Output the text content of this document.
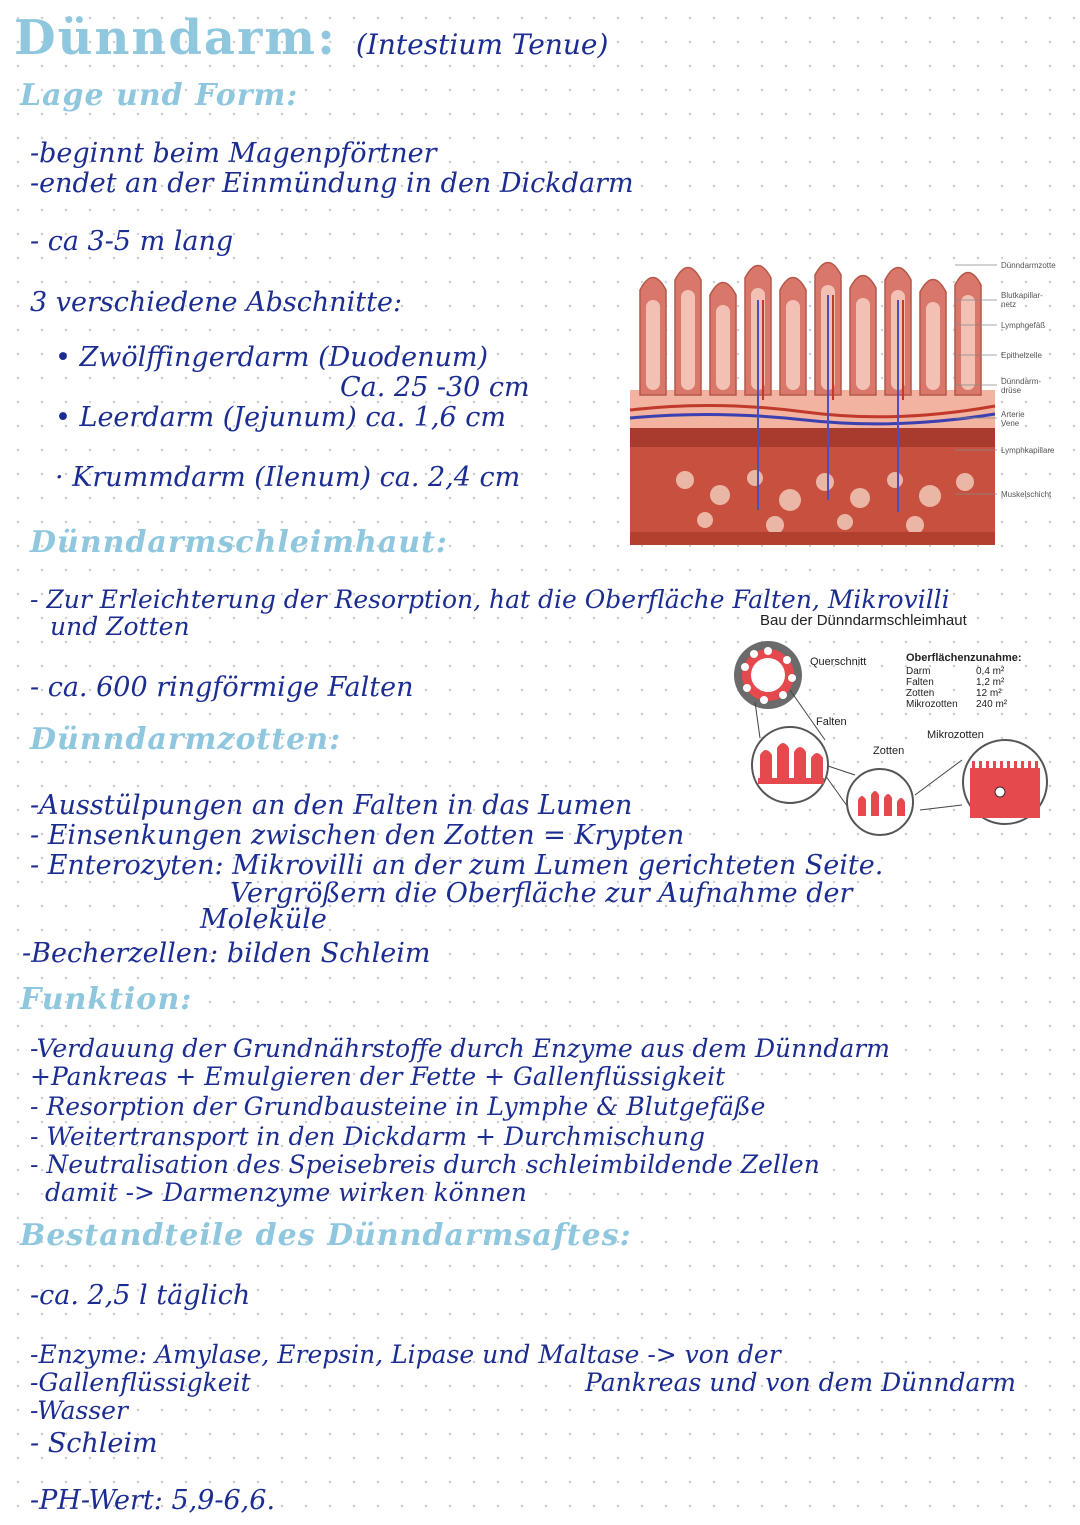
Dünndarm: (Intestium Tenue)
Lage und Form:
-beginnt beim Magenpförtner
-endet an der Einmündung in den Dickdarm
- ca 3-5 m lang
3 verschiedene Abschnitte:
• Zwölffingerdarm (Duodenum)
Ca. 25 -30 cm
• Leerdarm (Jejunum) ca. 1,6 cm
· Krummdarm (Ilenum) ca. 2,4 cm
Dünndarmzotte
Blutkapillar-
netz
Lymphgefäß
Epithelzelle
Dünndarm-
drüse
Arterie
Vene
Lymphkapillare
Muskelschicht
Dünndarmschleimhaut:
- Zur Erleichterung der Resorption, hat die Oberfläche Falten, Mikrovilli
und Zotten
- ca. 600 ringförmige Falten
Bau der Dünndarmschleimhaut
Querschnitt
Falten
Zotten
Mikrozotten
Oberflächenzunahme:
Darm	0,4 m²
Falten	1,2 m²
Zotten	12 m²
Mikrozotten 240 m²
Dünndarmzotten:
-Ausstülpungen an den Falten in das Lumen
- Einsenkungen zwischen den Zotten = Krypten
- Enterozyten: Mikrovilli an der zum Lumen gerichteten Seite.
Vergrößern die Oberfläche zur Aufnahme der
Moleküle
-Becherzellen: bilden Schleim
Funktion:
-Verdauung der Grundnährstoffe durch Enzyme aus dem Dünndarm
+Pankreas + Emulgieren der Fette + Gallenflüssigkeit
- Resorption der Grundbausteine in Lymphe & Blutgefäße
- Weitertransport in den Dickdarm + Durchmischung
- Neutralisation des Speisebreis durch schleimbildende Zellen
damit -> Darmenzyme wirken können
Bestandteile des Dünndarmsaftes:
-ca. 2,5 l täglich
-Enzyme: Amylase, Erepsin, Lipase und Maltase -> von der
Pankreas und von dem Dünndarm
-Gallenflüssigkeit
-Wasser
- Schleim
-PH-Wert: 5,9-6,6.
